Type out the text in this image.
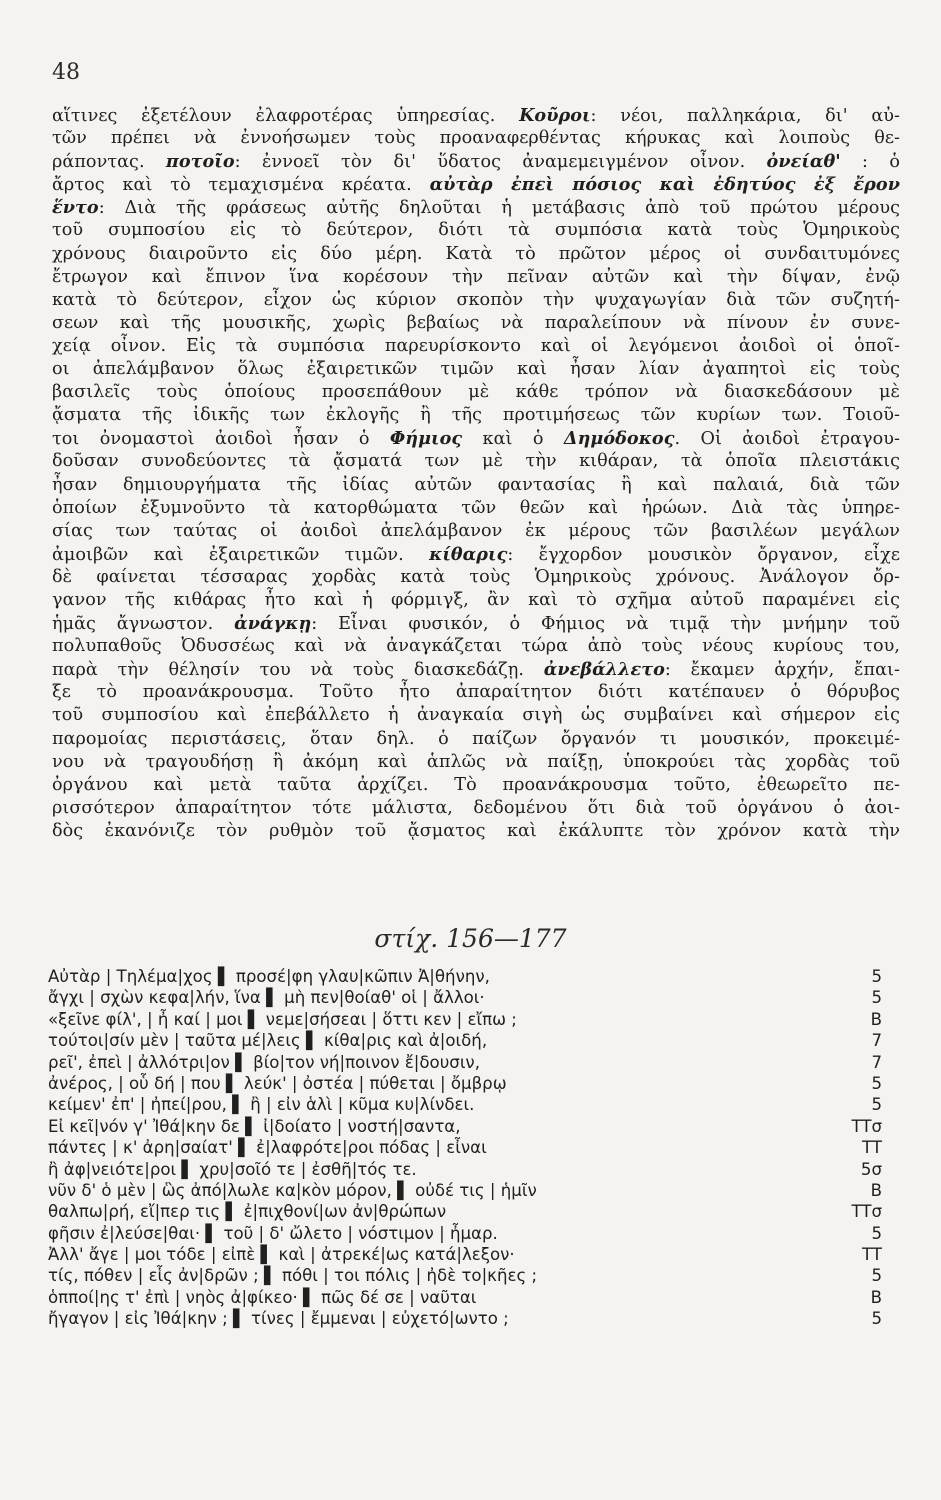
48
αἵτινες ἐξετέλουν ἐλαφροτέρας ὑπηρεσίας. Κοῦροι: νέοι, παλληκάρια, δι' αὐ-
τῶν πρέπει νὰ ἐννοήσωμεν τοὺς προαναφερθέντας κήρυκας καὶ λοιποὺς θε-
ράποντας. ποτοῖο: ἐννοεῖ τὸν δι' ὕδατος ἀναμεμειγμένον οἶνον. ὀνείαθ' : ὁ
ἄρτος καὶ τὸ τεμαχισμένα κρέατα. αὐτὰρ ἐπεὶ πόσιος καὶ ἐδητύος ἐξ ἔρον
ἕντο: Διὰ τῆς φράσεως αὐτῆς δηλοῦται ἡ μετάβασις ἀπὸ τοῦ πρώτου μέρους
τοῦ συμποσίου εἰς τὸ δεύτερον, διότι τὰ συμπόσια κατὰ τοὺς Ὁμηρικοὺς
χρόνους διαιροῦντο εἰς δύο μέρη. Κατὰ τὸ πρῶτον μέρος οἱ συνδαιτυμόνες
ἔτρωγον καὶ ἔπινον ἵνα κορέσουν τὴν πεῖναν αὐτῶν καὶ τὴν δίψαν, ἐνῷ
κατὰ τὸ δεύτερον, εἶχον ὡς κύριον σκοπὸν τὴν ψυχαγωγίαν διὰ τῶν συζητή-
σεων καὶ τῆς μουσικῆς, χωρὶς βεβαίως νὰ παραλείπουν νὰ πίνουν ἐν συνε-
χείᾳ οἶνον. Εἰς τὰ συμπόσια παρευρίσκοντο καὶ οἱ λεγόμενοι ἀοιδοὶ οἱ ὁποῖ-
οι ἀπελάμβανον ὅλως ἐξαιρετικῶν τιμῶν καὶ ἦσαν λίαν ἀγαπητοὶ εἰς τοὺς
βασιλεῖς τοὺς ὁποίους προσεπάθουν μὲ κάθε τρόπον νὰ διασκεδάσουν μὲ
ᾄσματα τῆς ἰδικῆς των ἐκλογῆς ἢ τῆς προτιμήσεως τῶν κυρίων των. Τοιοῦ-
τοι ὀνομαστοὶ ἀοιδοὶ ἦσαν ὁ Φήμιος καὶ ὁ Δημόδοκος. Οἱ ἀοιδοὶ ἐτραγου-
δοῦσαν συνοδεύοντες τὰ ᾄσματά των μὲ τὴν κιθάραν, τὰ ὁποῖα πλειστάκις
ἦσαν δημιουργήματα τῆς ἰδίας αὐτῶν φαντασίας ἢ καὶ παλαιά, διὰ τῶν
ὁποίων ἐξυμνοῦντο τὰ κατορθώματα τῶν θεῶν καὶ ἡρώων. Διὰ τὰς ὑπηρε-
σίας των ταύτας οἱ ἀοιδοὶ ἀπελάμβανον ἐκ μέρους τῶν βασιλέων μεγάλων
ἀμοιβῶν καὶ ἐξαιρετικῶν τιμῶν. κίθαρις: ἔγχορδον μουσικὸν ὄργανον, εἶχε
δὲ φαίνεται τέσσαρας χορδὰς κατὰ τοὺς Ὁμηρικοὺς χρόνους. Ἀνάλογον ὄρ-
γανον τῆς κιθάρας ἦτο καὶ ἡ φόρμιγξ, ἂν καὶ τὸ σχῆμα αὐτοῦ παραμένει εἰς
ἡμᾶς ἄγνωστον. ἀνάγκῃ: Εἶναι φυσικόν, ὁ Φήμιος νὰ τιμᾷ τὴν μνήμην τοῦ
πολυπαθοῦς Ὀδυσσέως καὶ νὰ ἀναγκάζεται τώρα ἀπὸ τοὺς νέους κυρίους του,
παρὰ τὴν θέλησίν του νὰ τοὺς διασκεδάζῃ. ἀνεβάλλετο: ἔκαμεν ἀρχήν, ἔπαι-
ξε τὸ προανάκρουσμα. Τοῦτο ἦτο ἀπαραίτητον διότι κατέπαυεν ὁ θόρυβος
τοῦ συμποσίου καὶ ἐπεβάλλετο ἡ ἀναγκαία σιγὴ ὡς συμβαίνει καὶ σήμερον εἰς
παρομοίας περιστάσεις, ὅταν δηλ. ὁ παίζων ὄργανόν τι μουσικόν, προκειμέ-
νου νὰ τραγουδήσῃ ἢ ἀκόμη καὶ ἁπλῶς νὰ παίξῃ, ὑποκρούει τὰς χορδὰς τοῦ
ὀργάνου καὶ μετὰ ταῦτα ἀρχίζει. Τὸ προανάκρουσμα τοῦτο, ἐθεωρεῖτο πε-
ρισσότερον ἀπαραίτητον τότε μάλιστα, δεδομένου ὅτι διὰ τοῦ ὀργάνου ὁ ἀοι-
δὸς ἐκανόνιζε τὸν ρυθμὸν τοῦ ᾄσματος καὶ ἐκάλυπτε τὸν χρόνον κατὰ τὴν
στίχ. 156—177
Αὐτὰρ | Τηλέμα|χος ▌ προσέ|φη γλαυ|κῶπιν Ἀ|θήνην,	5
ἄγχι | σχὼν κεφα|λήν, ἵνα ▌ μὴ πεν|θοίαθ' οἱ | ἄλλοι·	5
«ξεῖνε φίλ', | ἦ καί | μοι ▌ νεμε|σήσεαι | ὅττι κεν | εἴπω ;	B
τούτοι|σίν μὲν | ταῦτα μέ|λεις ▌ κίθα|ρις καὶ ἀ|οιδή,	7
ρεῖ', ἐπεὶ | ἀλλότρι|ον ▌ βίο|τον νή|ποινον ἔ|δουσιν,	7
ἀνέρος, | οὗ δή | που ▌ λεύκ' | ὀστέα | πύθεται | ὄμβρῳ	5
κείμεν' ἐπ' | ἠπεί|ρου, ▌ ἢ | εἰν ἁλὶ | κῦμα κυ|λίνδει.	5
Εἰ κεῖ|νόν γ' Ἰθά|κην δε ▌ ἰ|δοίατο | νοστή|σαντα,	TTσ
πάντες | κ' ἀρη|σαίατ' ▌ ἐ|λαφρότε|ροι πόδας | εἶναι	TT
ἢ ἀφ|νειότε|ροι ▌ χρυ|σοῖό τε | ἐσθῆ|τός τε.	5σ
νῦν δ' ὁ μὲν | ὣς ἀπό|λωλε κα|κὸν μόρον, ▌ οὐδέ τις | ἡμῖν	B
θαλπω|ρή, εἴ|περ τις ▌ ἐ|πιχθονί|ων ἀν|θρώπων	TTσ
φῆσιν ἐ|λεύσε|θαι· ▌ τοῦ | δ' ὤλετο | νόστιμον | ἦμαρ.	5
Ἀλλ' ἄγε | μοι τόδε | εἰπὲ ▌ καὶ | ἀτρεκέ|ως κατά|λεξον·	TT
τίς, πόθεν | εἷς ἀν|δρῶν ; ▌ πόθι | τοι πόλις | ἠδὲ το|κῆες ;	5
ὁπποί|ης τ' ἐπὶ | νηὸς ἀ|φίκεο· ▌ πῶς δέ σε | ναῦται	B
ἤγαγον | εἰς Ἰθά|κην ; ▌ τίνες | ἔμμεναι | εὐχετό|ωντο ;	5
